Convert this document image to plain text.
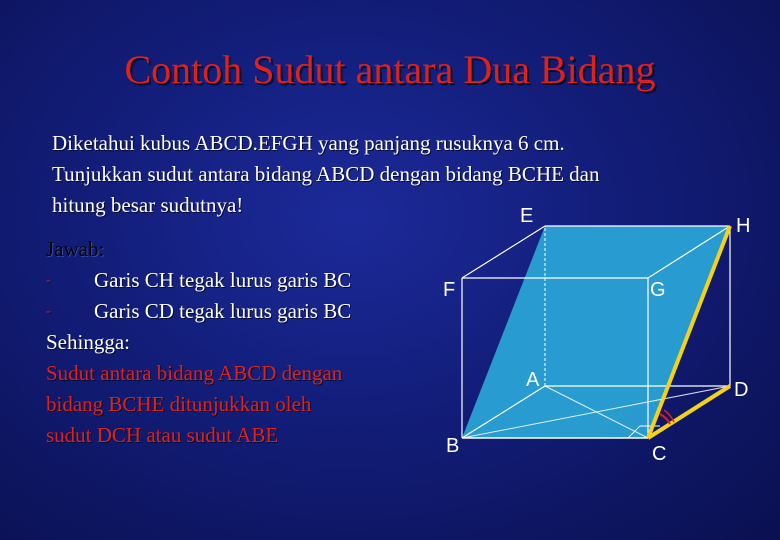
Contoh Sudut antara Dua Bidang
Diketahui kubus ABCD.EFGH yang panjang rusuknya 6 cm.
Tunjukkan sudut antara bidang ABCD dengan bidang BCHE dan
hitung besar sudutnya!
Jawab:
- Garis CH tegak lurus garis BC
- Garis CD tegak lurus garis BC
Sehingga:
Sudut antara bidang ABCD dengan
bidang BCHE ditunjukkan oleh
sudut DCH atau sudut ABE
E	H
F	G
A	D
B	C
